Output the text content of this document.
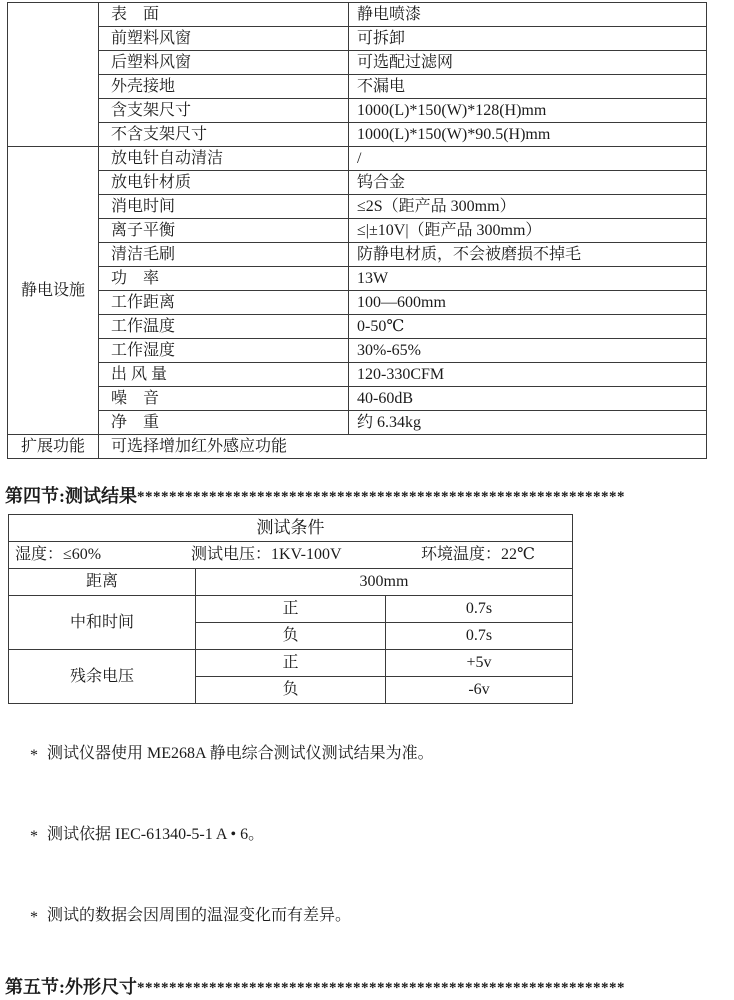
	表    面	静电喷漆
	前塑料风窗	可拆卸
	后塑料风窗	可选配过滤网
	外壳接地	不漏电
	含支架尺寸	1000(L)*150(W)*128(H)mm
	不含支架尺寸	1000(L)*150(W)*90.5(H)mm
静电设施	放电针自动清洁	/
	放电针材质	钨合金
	消电时间	≤2S（距产品 300mm）
	离子平衡	≤|±10V|（距产品 300mm）
	清洁毛刷	防静电材质，不会被磨损不掉毛
	功    率	13W
	工作距离	100—600mm
	工作温度	0-50℃
	工作湿度	30%-65%
	出 风 量	120-330CFM
	噪    音	40-60dB
	净    重	约 6.34kg
扩展功能	可选择增加红外感应功能	
第四节:测试结果*************************************************************
测试条件		

湿度：≤60% 测试电压：1KV-100V 环境温度：22℃		

距离	300mm	
中和时间	正	0.7s
	负	0.7s
残余电压	正	+5v
	负	-6v

* 测试仪器使用 ME268A 静电综合测试仪测试结果为准。

* 测试依据 IEC-61340-5-1 A • 6。

* 测试的数据会因周围的温湿变化而有差异。

第五节:外形尺寸*************************************************************
